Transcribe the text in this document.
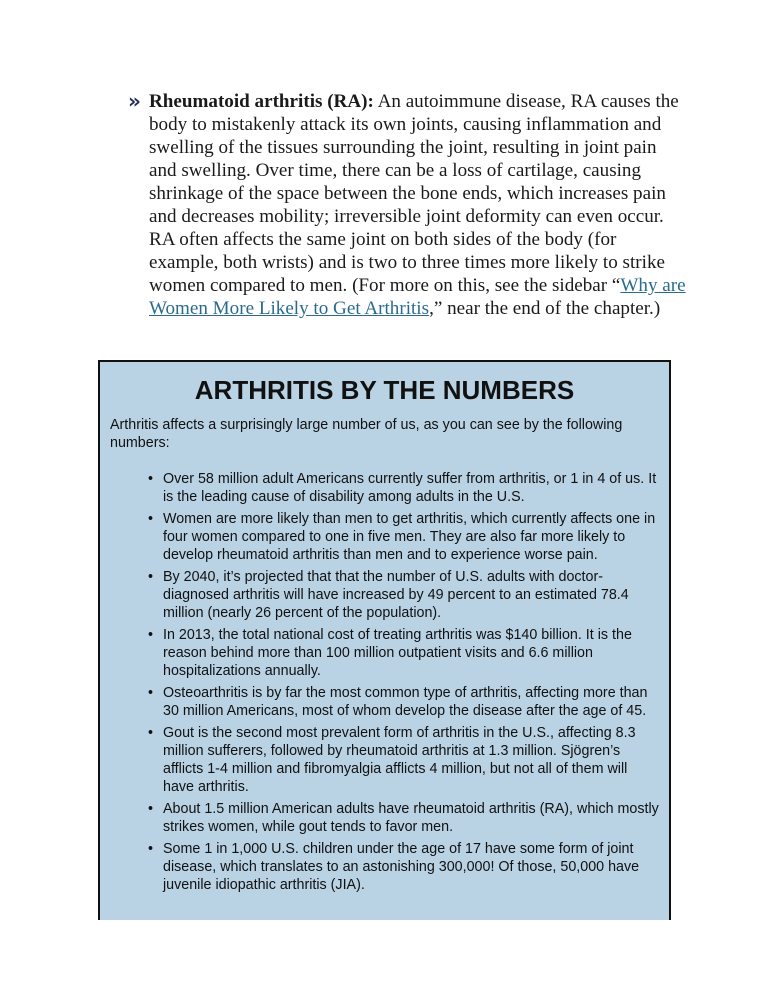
» Rheumatoid arthritis (RA): An autoimmune disease, RA causes the body to mistakenly attack its own joints, causing inflammation and swelling of the tissues surrounding the joint, resulting in joint pain and swelling. Over time, there can be a loss of cartilage, causing shrinkage of the space between the bone ends, which increases pain and decreases mobility; irreversible joint deformity can even occur. RA often affects the same joint on both sides of the body (for example, both wrists) and is two to three times more likely to strike women compared to men. (For more on this, see the sidebar “Why are Women More Likely to Get Arthritis,” near the end of the chapter.)

ARTHRITIS BY THE NUMBERS

Arthritis affects a surprisingly large number of us, as you can see by the following numbers:

• Over 58 million adult Americans currently suffer from arthritis, or 1 in 4 of us. It is the leading cause of disability among adults in the U.S.
• Women are more likely than men to get arthritis, which currently affects one in four women compared to one in five men. They are also far more likely to develop rheumatoid arthritis than men and to experience worse pain.
• By 2040, it’s projected that that the number of U.S. adults with doctor-diagnosed arthritis will have increased by 49 percent to an estimated 78.4 million (nearly 26 percent of the population).
• In 2013, the total national cost of treating arthritis was $140 billion. It is the reason behind more than 100 million outpatient visits and 6.6 million hospitalizations annually.
• Osteoarthritis is by far the most common type of arthritis, affecting more than 30 million Americans, most of whom develop the disease after the age of 45.
• Gout is the second most prevalent form of arthritis in the U.S., affecting 8.3 million sufferers, followed by rheumatoid arthritis at 1.3 million. Sjögren’s afflicts 1-4 million and fibromyalgia afflicts 4 million, but not all of them will have arthritis.
• About 1.5 million American adults have rheumatoid arthritis (RA), which mostly strikes women, while gout tends to favor men.
• Some 1 in 1,000 U.S. children under the age of 17 have some form of joint disease, which translates to an astonishing 300,000! Of those, 50,000 have juvenile idiopathic arthritis (JIA).
